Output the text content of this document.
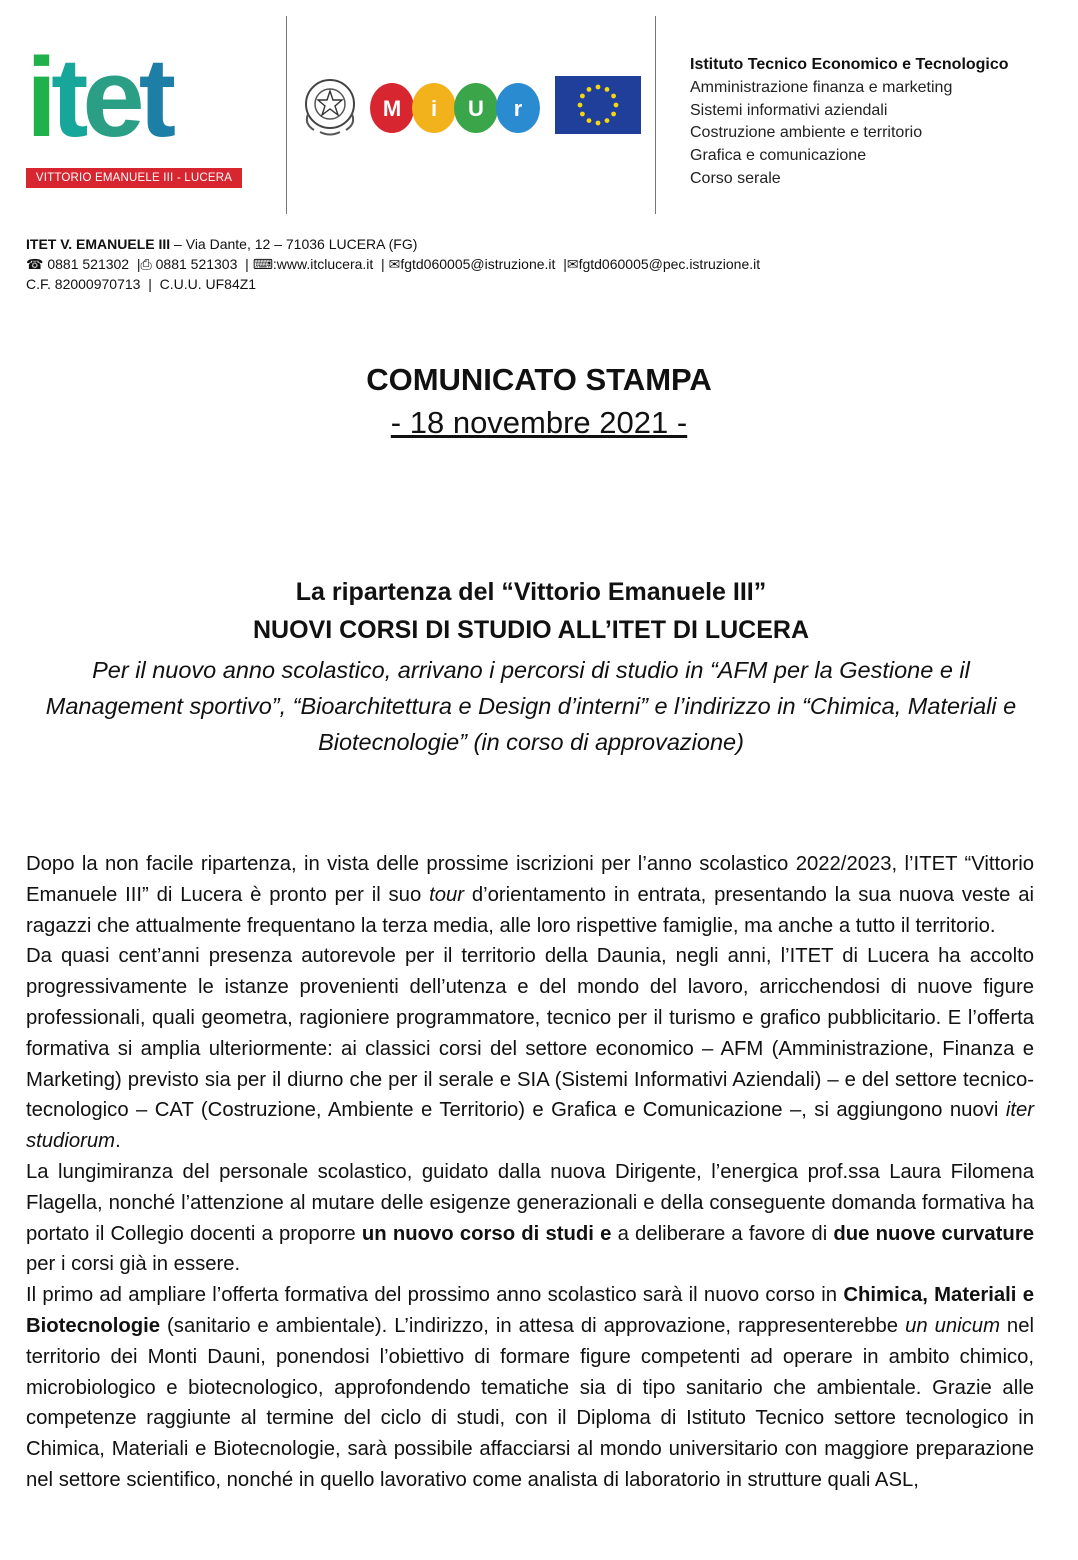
i t e t
VITTORIO EMANUELE III - LUCERA
M i U r
Istituto Tecnico Economico e Tecnologico
Amministrazione finanza e marketing
Sistemi informativi aziendali
Costruzione ambiente e territorio
Grafica e comunicazione
Corso serale
ITET V. EMANUELE III – Via Dante, 12 – 71036 LUCERA (FG)
☎ 0881 521302  |⎙ 0881 521303  | ⌨:www.itclucera.it  | ✉fgtd060005@istruzione.it  |✉fgtd060005@pec.istruzione.it
C.F. 82000970713  |  C.U.U. UF84Z1
COMUNICATO STAMPA
- 18 novembre 2021 -
La ripartenza del “Vittorio Emanuele III”
NUOVI CORSI DI STUDIO ALL’ITET DI LUCERA
Per il nuovo anno scolastico, arrivano i percorsi di studio in “AFM per la Gestione e il Management sportivo”, “Bioarchitettura e Design d’interni” e l’indirizzo in “Chimica, Materiali e Biotecnologie” (in corso di approvazione)

Dopo la non facile ripartenza, in vista delle prossime iscrizioni per l’anno scolastico 2022/2023, l’ITET “Vittorio Emanuele III” di Lucera è pronto per il suo tour d’orientamento in entrata, presentando la sua nuova veste ai ragazzi che attualmente frequentano la terza media, alle loro rispettive famiglie, ma anche a tutto il territorio.

Da quasi cent’anni presenza autorevole per il territorio della Daunia, negli anni, l’ITET di Lucera ha accolto progressivamente le istanze provenienti dell’utenza e del mondo del lavoro, arricchendosi di nuove figure professionali, quali geometra, ragioniere programmatore, tecnico per il turismo e grafico pubblicitario. E l’offerta formativa si amplia ulteriormente: ai classici corsi del settore economico – AFM (Amministrazione, Finanza e Marketing) previsto sia per il diurno che per il serale e SIA (Sistemi Informativi Aziendali) – e del settore tecnico-tecnologico – CAT (Costruzione, Ambiente e Territorio) e Grafica e Comunicazione –, si aggiungono nuovi iter studiorum.

La lungimiranza del personale scolastico, guidato dalla nuova Dirigente, l’energica prof.ssa Laura Filomena Flagella, nonché l’attenzione al mutare delle esigenze generazionali e della conseguente domanda formativa ha portato il Collegio docenti a proporre un nuovo corso di studi e a deliberare a favore di due nuove curvature per i corsi già in essere.

Il primo ad ampliare l’offerta formativa del prossimo anno scolastico sarà il nuovo corso in Chimica, Materiali e Biotecnologie (sanitario e ambientale). L’indirizzo, in attesa di approvazione, rappresenterebbe un unicum nel territorio dei Monti Dauni, ponendosi l’obiettivo di formare figure competenti ad operare in ambito chimico, microbiologico e biotecnologico, approfondendo tematiche sia di tipo sanitario che ambientale. Grazie alle competenze raggiunte al termine del ciclo di studi, con il Diploma di Istituto Tecnico settore tecnologico in Chimica, Materiali e Biotecnologie, sarà possibile affacciarsi al mondo universitario con maggiore preparazione nel settore scientifico, nonché in quello lavorativo come analista di laboratorio in strutture quali ASL,
